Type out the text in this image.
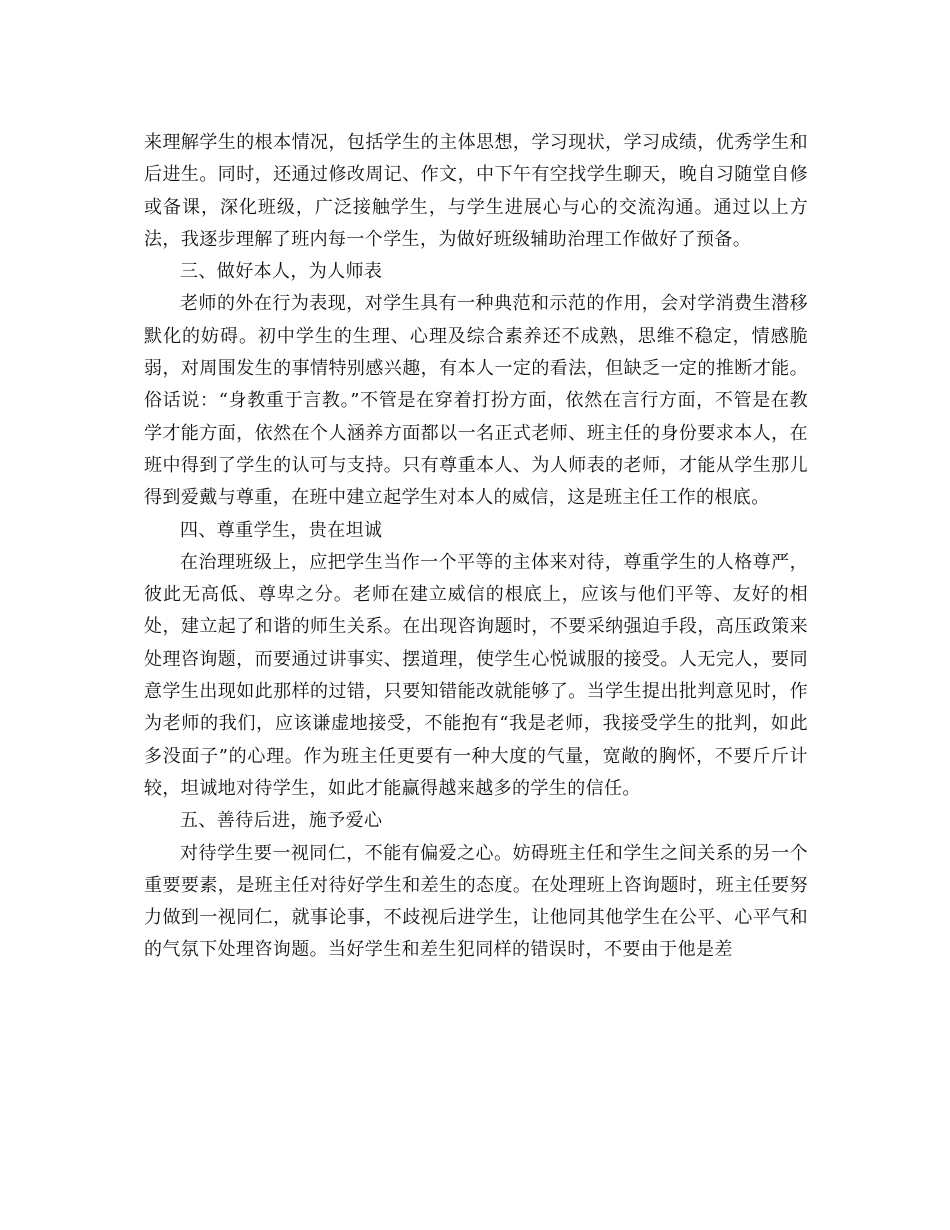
来理解学生的根本情况，包括学生的主体思想，学习现状，学习成绩，优秀学生和后进生。同时，还通过修改周记、作文，中下午有空找学生聊天，晚自习随堂自修或备课，深化班级，广泛接触学生，与学生进展心与心的交流沟通。通过以上方法，我逐步理解了班内每一个学生，为做好班级辅助治理工作做好了预备。

三、做好本人，为人师表

老师的外在行为表现，对学生具有一种典范和示范的作用，会对学消费生潜移默化的妨碍。初中学生的生理、心理及综合素养还不成熟，思维不稳定，情感脆弱，对周围发生的事情特别感兴趣，有本人一定的看法，但缺乏一定的推断才能。俗话说：“身教重于言教。”不管是在穿着打扮方面，依然在言行方面，不管是在教学才能方面，依然在个人涵养方面都以一名正式老师、班主任的身份要求本人，在班中得到了学生的认可与支持。只有尊重本人、为人师表的老师，才能从学生那儿得到爱戴与尊重，在班中建立起学生对本人的威信，这是班主任工作的根底。

四、尊重学生，贵在坦诚

在治理班级上，应把学生当作一个平等的主体来对待，尊重学生的人格尊严，彼此无高低、尊卑之分。老师在建立威信的根底上，应该与他们平等、友好的相处，建立起了和谐的师生关系。在出现咨询题时，不要采纳强迫手段，高压政策来处理咨询题，而要通过讲事实、摆道理，使学生心悦诚服的接受。人无完人，要同意学生出现如此那样的过错，只要知错能改就能够了。当学生提出批判意见时，作为老师的我们，应该谦虚地接受，不能抱有“我是老师，我接受学生的批判，如此多没面子”的心理。作为班主任更要有一种大度的气量，宽敞的胸怀，不要斤斤计较，坦诚地对待学生，如此才能赢得越来越多的学生的信任。

五、善待后进，施予爱心

对待学生要一视同仁，不能有偏爱之心。妨碍班主任和学生之间关系的另一个重要要素，是班主任对待好学生和差生的态度。在处理班上咨询题时，班主任要努力做到一视同仁，就事论事，不歧视后进学生，让他同其他学生在公平、心平气和的气氛下处理咨询题。当好学生和差生犯同样的错误时，不要由于他是差
